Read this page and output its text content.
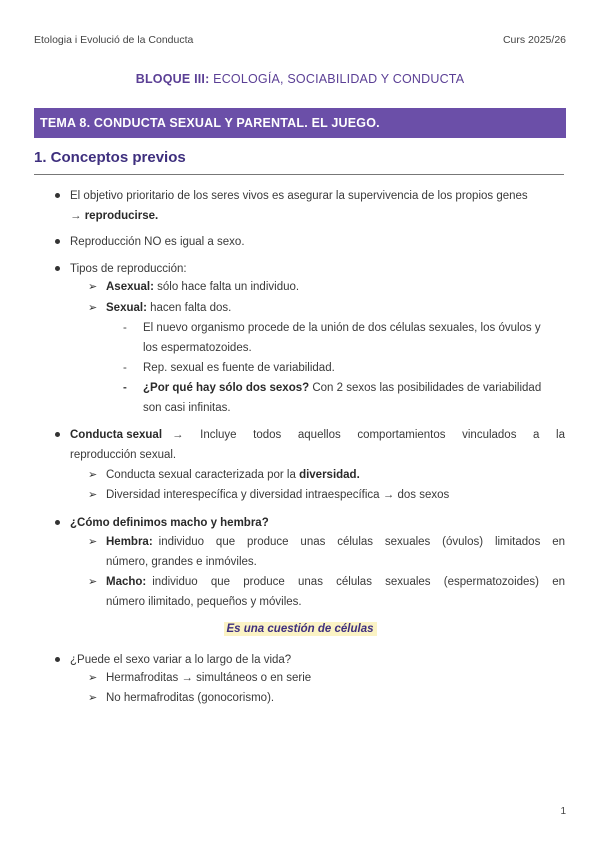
Etologia i Evolució de la Conducta	Curs 2025/26
BLOQUE III: ECOLOGÍA, SOCIABILIDAD Y CONDUCTA
TEMA 8. CONDUCTA SEXUAL Y PARENTAL. EL JUEGO.
1. Conceptos previos
El objetivo prioritario de los seres vivos es asegurar la supervivencia de los propios genes
→ reproducirse.
Reproducción NO es igual a sexo.
Tipos de reproducción:
➢ Asexual: sólo hace falta un individuo.
➢ Sexual: hacen falta dos.
- El nuevo organismo procede de la unión de dos células sexuales, los óvulos y
los espermatozoides.
- Rep. sexual es fuente de variabilidad.
- ¿Por qué hay sólo dos sexos? Con 2 sexos las posibilidades de variabilidad
son casi infinitas.
Conducta sexual → Incluye todos aquellos comportamientos vinculados a la
reproducción sexual.
➢ Conducta sexual caracterizada por la diversidad.
➢ Diversidad interespecífica y diversidad intraespecífica → dos sexos
¿Cómo definimos macho y hembra?
➢ Hembra: individuo que produce unas células sexuales (óvulos) limitados en
número, grandes e inmóviles.
➢ Macho: individuo que produce unas células sexuales (espermatozoides) en
número ilimitado, pequeños y móviles.
Es una cuestión de células
¿Puede el sexo variar a lo largo de la vida?
➢ Hermafroditas → simultáneos o en serie
➢ No hermafroditas (gonocorismo).
1
